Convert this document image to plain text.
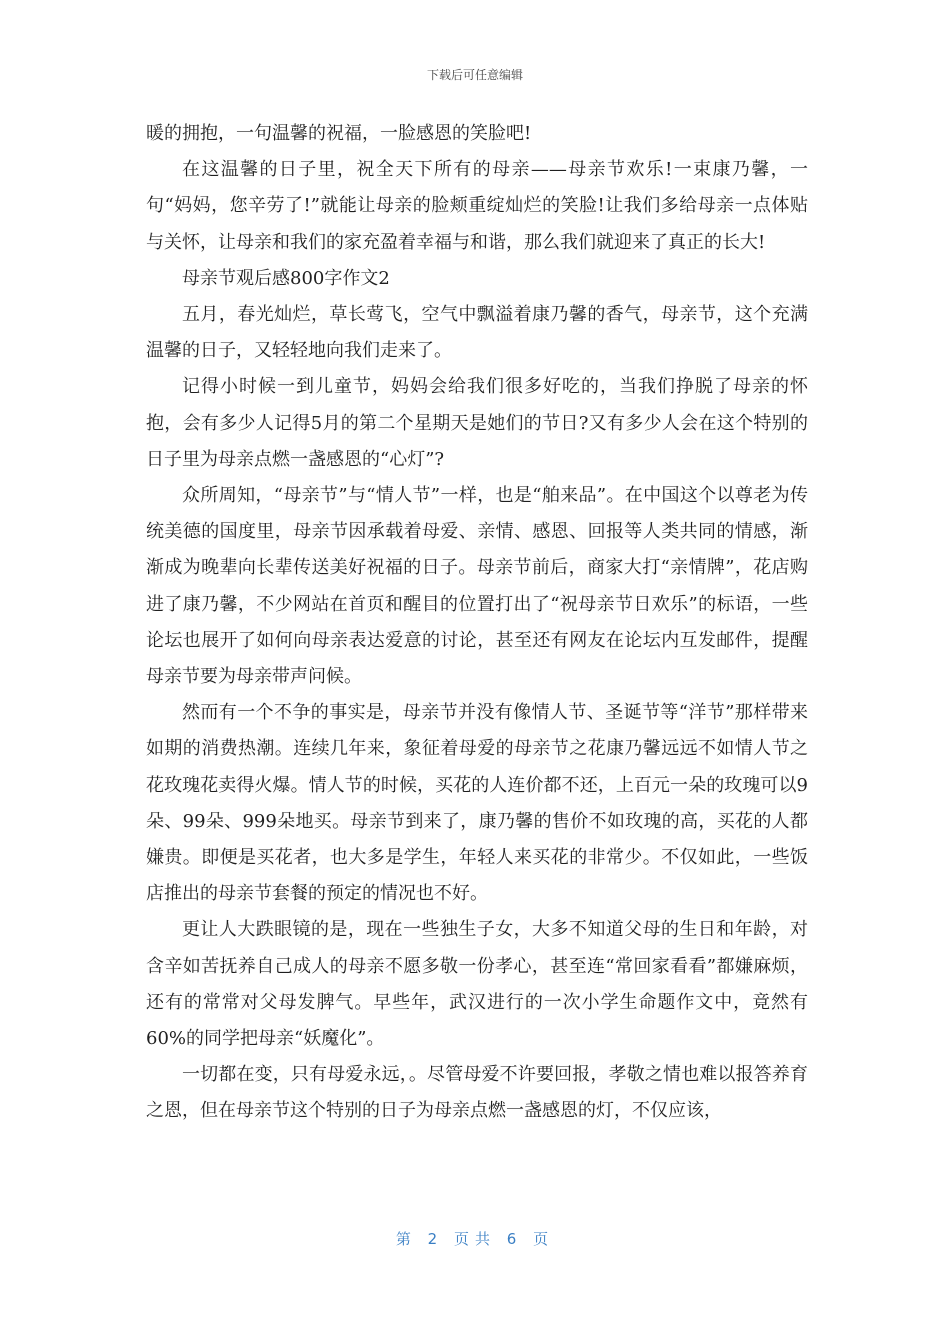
下载后可任意编辑

暖的拥抱，一句温馨的祝福，一脸感恩的笑脸吧!

在这温馨的日子里，祝全天下所有的母亲——母亲节欢乐!一束康乃馨，一句“妈妈，您辛劳了!”就能让母亲的脸颊重绽灿烂的笑脸!让我们多给母亲一点体贴与关怀，让母亲和我们的家充盈着幸福与和谐，那么我们就迎来了真正的长大!

母亲节观后感800字作文2

五月，春光灿烂，草长莺飞，空气中飘溢着康乃馨的香气，母亲节，这个充满温馨的日子，又轻轻地向我们走来了。

记得小时候一到儿童节，妈妈会给我们很多好吃的，当我们挣脱了母亲的怀抱，会有多少人记得5月的第二个星期天是她们的节日?又有多少人会在这个特别的日子里为母亲点燃一盏感恩的“心灯”?

众所周知，“母亲节”与“情人节”一样，也是“舶来品”。在中国这个以尊老为传统美德的国度里，母亲节因承载着母爱、亲情、感恩、回报等人类共同的情感，渐渐成为晚辈向长辈传送美好祝福的日子。母亲节前后，商家大打“亲情牌”，花店购进了康乃馨，不少网站在首页和醒目的位置打出了“祝母亲节日欢乐”的标语，一些论坛也展开了如何向母亲表达爱意的讨论，甚至还有网友在论坛内互发邮件，提醒母亲节要为母亲带声问候。

然而有一个不争的事实是，母亲节并没有像情人节、圣诞节等“洋节”那样带来如期的消费热潮。连续几年来，象征着母爱的母亲节之花康乃馨远远不如情人节之花玫瑰花卖得火爆。情人节的时候，买花的人连价都不还，上百元一朵的玫瑰可以9朵、99朵、999朵地买。母亲节到来了，康乃馨的售价不如玫瑰的高，买花的人都嫌贵。即便是买花者，也大多是学生，年轻人来买花的非常少。不仅如此，一些饭店推出的母亲节套餐的预定的情况也不好。

更让人大跌眼镜的是，现在一些独生子女，大多不知道父母的生日和年龄，对含辛如苦抚养自己成人的母亲不愿多敬一份孝心，甚至连“常回家看看”都嫌麻烦，还有的常常对父母发脾气。早些年，武汉进行的一次小学生命题作文中，竟然有60%的同学把母亲“妖魔化”。

一切都在变，只有母爱永远，。尽管母爱不许要回报，孝敬之情也难以报答养育之恩，但在母亲节这个特别的日子为母亲点燃一盏感恩的灯，不仅应该，

第 2 页共 6 页
